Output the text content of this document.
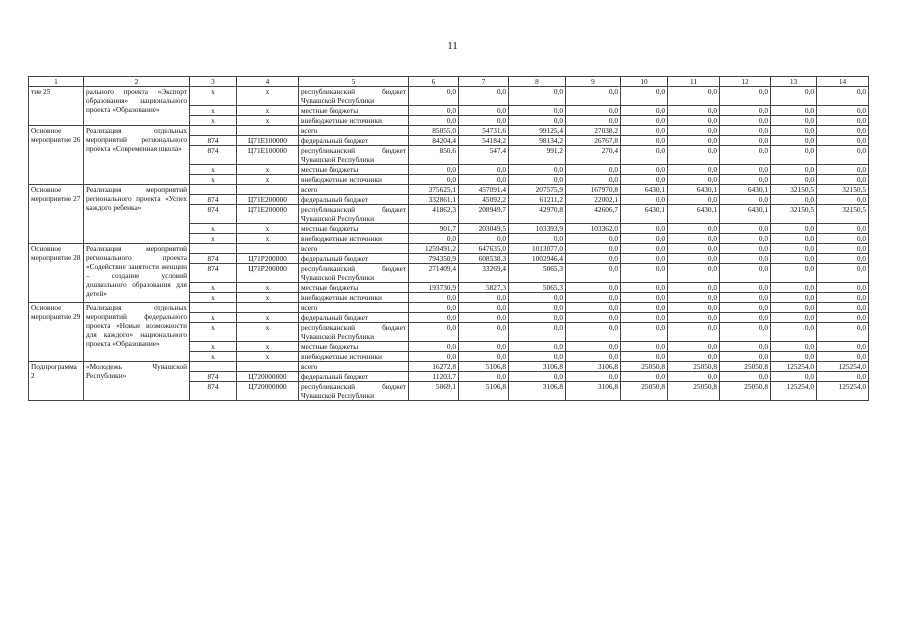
11
1	2	3	4	5	6	7	8	9	10	11	12	13	14
тие 25	рального проекта «Экспорт образования» национального проекта «Образование»	x	x	республиканский бюджет Чувашской Республики	0,0	0,0	0,0	0,0	0,0	0,0	0,0	0,0	0,0
		x	x	местные бюджеты	0,0	0,0	0,0	0,0	0,0	0,0	0,0	0,0	0,0
		x	x	внебюджетные источники	0,0	0,0	0,0	0,0	0,0	0,0	0,0	0,0	0,0
Основное мероприятие 26	Реализация отдельных мероприятий регионального проекта «Современная школа»			всего	85055,0	54731,6	99125,4	27038,2	0,0	0,0	0,0	0,0	0,0
		874	Ц71Е100000	федеральный бюджет	84204,4	54184,2	98134,2	26767,8	0,0	0,0	0,0	0,0	0,0
		874	Ц71Е100000	республиканский бюджет Чувашской Республики	850,6	547,4	991,2	270,4	0,0	0,0	0,0	0,0	0,0
		x	x	местные бюджеты	0,0	0,0	0,0	0,0	0,0	0,0	0,0	0,0	0,0
		x	x	внебюджетные источники	0,0	0,0	0,0	0,0	0,0	0,0	0,0	0,0	0,0
Основное мероприятие 27	Реализация мероприятий регионального проекта «Успех каждого ребенка»			всего	375625,1	457091,4	207575,9	167970,8	6430,1	6430,1	6430,1	32150,5	32150,5
		874	Ц71Е200000	федеральный бюджет	332861,1	45092,2	61211,2	22002,1	0,0	0,0	0,0	0,0	0,0
		874	Ц71Е200000	республиканский бюджет Чувашской Республики	41862,3	208949,7	42970,8	42606,7	6430,1	6430,1	6430,1	32150,5	32150,5
		x	x	местные бюджеты	901,7	203049,5	103393,9	103362,0	0,0	0,0	0,0	0,0	0,0
		x	x	внебюджетные источники	0,0	0,0	0,0	0,0	0,0	0,0	0,0	0,0	0,0
Основное мероприятие 28	Реализация мероприятий регионального проекта «Содействие занятости женщин – создание условий дошкольного образования для детей»			всего	1259491,2	647635,0	1013077,0	0,0	0,0	0,0	0,0	0,0	0,0
		874	Ц71Р200000	федеральный бюджет	794350,9	608538,3	1002946,4	0,0	0,0	0,0	0,0	0,0	0,0
		874	Ц71Р200000	республиканский бюджет Чувашской Республики	271409,4	33269,4	5065,3	0,0	0,0	0,0	0,0	0,0	0,0
		x	x	местные бюджеты	193730,9	5827,3	5065,3	0,0	0,0	0,0	0,0	0,0	0,0
		x	x	внебюджетные источники	0,0	0,0	0,0	0,0	0,0	0,0	0,0	0,0	0,0
Основное мероприятие 29	Реализация отдельных мероприятий федерального проекта «Новые возможности для каждого» национального проекта «Образование»			всего	0,0	0,0	0,0	0,0	0,0	0,0	0,0	0,0	0,0
		x	x	федеральный бюджет	0,0	0,0	0,0	0,0	0,0	0,0	0,0	0,0	0,0
		x	x	республиканский бюджет Чувашской Республики	0,0	0,0	0,0	0,0	0,0	0,0	0,0	0,0	0,0
		x	x	местные бюджеты	0,0	0,0	0,0	0,0	0,0	0,0	0,0	0,0	0,0
		x	x	внебюджетные источники	0,0	0,0	0,0	0,0	0,0	0,0	0,0	0,0	0,0
Подпрограмма 2	«Молодежь Чувашской Республики»			всего	16272,8	5106,8	3106,8	3106,8	25050,8	25050,8	25050,8	125254,0	125254,0
		874	Ц720000000	федеральный бюджет	11203,7	0,0	0,0	0,0	0,0	0,0	0,0	0,0	0,0
		874	Ц720000000	республиканский бюджет Чувашской Республики	5069,1	5106,8	3106,8	3106,8	25050,8	25050,8	25050,8	125254,0	125254,0
